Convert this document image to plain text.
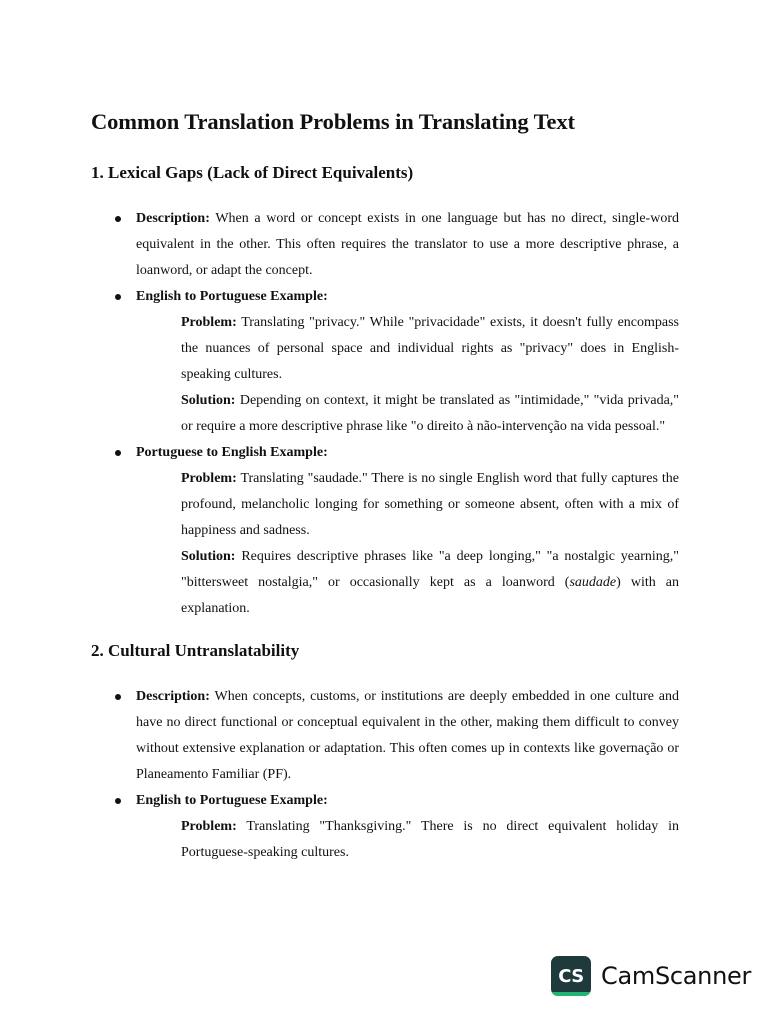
Common Translation Problems in Translating Text
1. Lexical Gaps (Lack of Direct Equivalents)
Description: When a word or concept exists in one language but has no direct, single-word equivalent in the other. This often requires the translator to use a more descriptive phrase, a loanword, or adapt the concept.
English to Portuguese Example:

Problem: Translating "privacy." While "privacidade" exists, it doesn't fully encompass the nuances of personal space and individual rights as "privacy" does in English-speaking cultures.

Solution: Depending on context, it might be translated as "intimidade," "vida privada," or require a more descriptive phrase like "o direito à não-intervenção na vida pessoal."

Portuguese to English Example:

Problem: Translating "saudade." There is no single English word that fully captures the profound, melancholic longing for something or someone absent, often with a mix of happiness and sadness.

Solution: Requires descriptive phrases like "a deep longing," "a nostalgic yearning," "bittersweet nostalgia," or occasionally kept as a loanword (saudade) with an explanation.

2. Cultural Untranslatability
Description: When concepts, customs, or institutions are deeply embedded in one culture and have no direct functional or conceptual equivalent in the other, making them difficult to convey without extensive explanation or adaptation. This often comes up in contexts like governação or Planeamento Familiar (PF).
English to Portuguese Example:

Problem: Translating "Thanksgiving." There is no direct equivalent holiday in Portuguese-speaking cultures.

CS CamScanner
